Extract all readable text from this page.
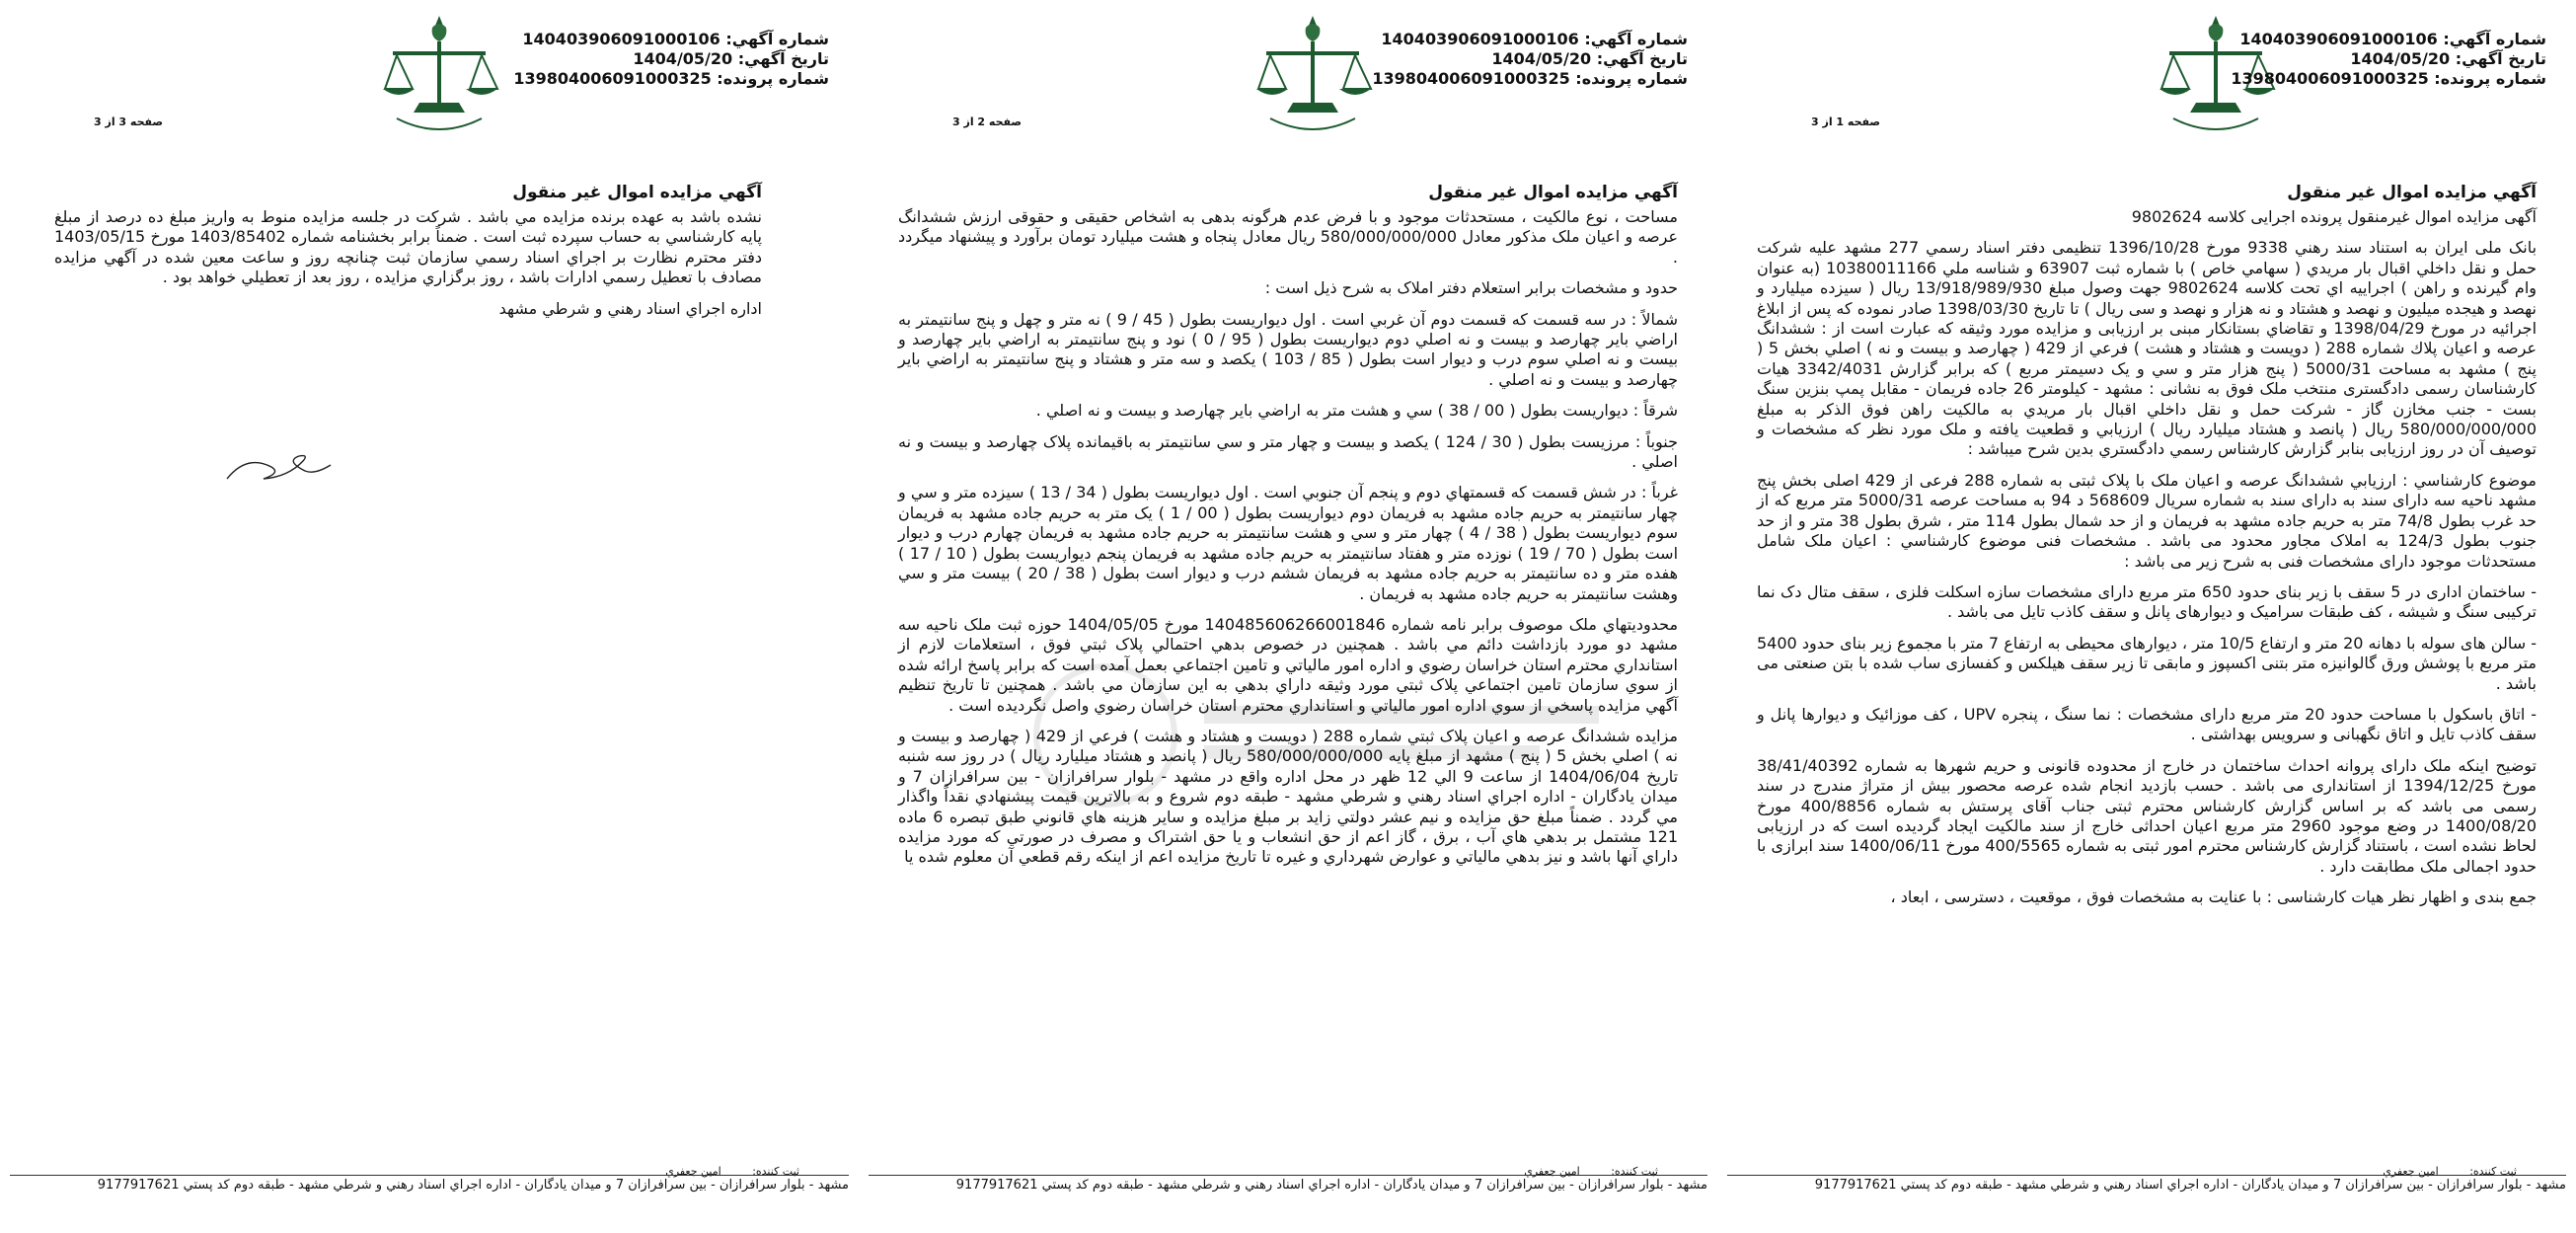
شماره آگهي: 140403906091000106
تاريخ آگهي: 1404/05/20
شماره پرونده: 139804006091000325
صفحه 1 از 3
آگهي مزايده اموال غير منقول

آگهی مزایده اموال غیرمنقول پرونده اجرایی کلاسه 9802624

بانک ملی ایران به استناد سند رهني 9338 مورخ 1396/10/28 تنظیمی دفتر اسناد رسمي 277 مشهد علیه شرکت حمل و نقل داخلي اقبال بار مريدي ( سهامي خاص ) با شماره ثبت 63907 و شناسه ملي 10380011166 (به عنوان وام گیرنده و راهن ) اجرايیه اي تحت کلاسه 9802624 جهت وصول مبلغ 13/918/989/930 ريال ( سيزده ميليارد و نهصد و هيجده ميليون و نهصد و هشتاد و نه هزار و نهصد و سی ريال ) تا تاریخ 1398/03/30 صادر نموده كه پس از ابلاغ اجرائیه در مورخ 1398/04/29 و تقاضاي بستانكار مبنی بر ارزیابی و مزایده مورد وثیقه که عبارت است از : ششدانگ عرصه و اعيان پلاك شماره 288 ( دويست و هشتاد و هشت ) فرعي از 429 ( چهارصد و بيست و نه ) اصلي بخش 5 ( پنج ) مشهد به مساحت 5000/31 ( پنج هزار متر و سي و يک دسيمتر مربع ) که برابر گزارش 3342/4031 هیات کارشناسان رسمی دادگستری منتخب ملک فوق به نشانی : مشهد - كيلومتر 26 جاده فريمان - مقابل پمپ بنزين سنگ بست - جنب مخازن گاز - شركت حمل و نقل داخلي اقبال بار مريدي به مالكيت راهن فوق الذكر به مبلغ 580/000/000/000 ريال ( پانصد و هشتاد ميليارد ريال ) ارزيابي و قطعيت يافته و ملک مورد نظر که مشخصات و توصیف آن در روز ارزیابی بنابر گزارش كارشناس رسمي دادگستري بدين شرح میباشد :

موضوع كارشناسي : ارزيابي ششدانگ عرصه و اعيان ملک با پلاک ثبتی به شماره 288 فرعی از 429 اصلی بخش پنج مشهد ناحيه سه دارای سند به دارای سند به شماره سریال 568609 د 94 به مساحت عرصه 5000/31 متر مربع كه از حد غرب بطول 74/8 متر به حريم جاده مشهد به فريمان و از حد شمال بطول 114 متر ، شرق بطول 38 متر و از حد جنوب بطول 124/3 به املاک مجاور محدود می باشد . مشخصات فنی موضوع كارشناسي : اعیان ملک شامل مستحدثات موجود دارای مشخصات فنی به شرح زير می باشد :

- ساختمان اداری در 5 سقف با زير بنای حدود 650 متر مربع دارای مشخصات سازه اسكلت فلزی ، سقف متال دک نما تركيبی سنگ و شيشه ، كف طبقات سراميک و ديوارهای پانل و سقف كاذب تايل می باشد .

- سالن های سوله با دهانه 20 متر و ارتفاع 10/5 متر ، ديوارهای محيطی به ارتفاع 7 متر با مجموع زير بنای حدود 5400 متر مربع با پوشش ورق گالوانيزه متر بتنی اكسپوز و مابقی تا زير سقف هيلكس و كفسازی ساب شده با بتن صنعتی می باشد .

- اتاق باسكول با مساحت حدود 20 متر مربع دارای مشخصات : نما سنگ ، پنجره UPV ، كف موزائيک و ديوارها پانل و سقف كاذب تايل و اتاق نگهبانی و سرويس بهداشتی .

توضيح اينكه ملک دارای پروانه احداث ساختمان در خارج از محدوده قانونی و حريم شهرها به شماره 38/41/40392 مورخ 1394/12/25 از استانداری می باشد . حسب بازديد انجام شده عرصه محصور بيش از متراژ مندرج در سند رسمی می باشد كه بر اساس گزارش كارشناس محترم ثبتی جناب آقای پرستش به شماره 400/8856 مورخ 1400/08/20 در وضع موجود 2960 متر مربع اعيان احداثی خارج از سند مالكيت ايجاد گرديده است كه در ارزيابی لحاظ نشده است ، باستناد گزارش كارشناس محترم امور ثبتی به شماره 400/5565 مورخ 1400/06/11 سند ابرازی با حدود اجمالی ملک مطابقت دارد .

جمع بندی و اظهار نظر هيات كارشناسی : با عنايت به مشخصات فوق ، موقعيت ، دسترسی ، ابعاد ،

ثبت کننده: امين جعفري
مشهد - بلوار سرافرازان - بين سرافرازان 7 و ميدان يادگاران - اداره اجراي اسناد رهني و شرطي مشهد - طبقه دوم كد پستي 9177917621
شماره آگهي: 140403906091000106
تاريخ آگهي: 1404/05/20
شماره پرونده: 139804006091000325
صفحه 2 از 3
آگهي مزايده اموال غير منقول

مساحت ، نوع مالكيت ، مستحدثات موجود و با فرض عدم هرگونه بدهی به اشخاص حقيقی و حقوقی ارزش ششدانگ عرصه و اعيان ملک مذكور معادل 580/000/000/000 ريال معادل پنجاه و هشت ميليارد تومان برآورد و پيشنهاد ميگردد .

حدود و مشخصات برابر استعلام دفتر املاک به شرح ذيل است :

شمالاً : در سه قسمت كه قسمت دوم آن غربي است . اول ديواريست بطول ( 45 / 9 ) نه متر و چهل و پنج سانتيمتر به اراضي باير چهارصد و بيست و نه اصلي دوم ديواريست بطول ( 95 / 0 ) نود و پنج سانتيمتر به اراضي باير چهارصد و بيست و نه اصلي سوم درب و ديوار است بطول ( 85 / 103 ) يكصد و سه متر و هشتاد و پنج سانتيمتر به اراضي باير چهارصد و بيست و نه اصلي .

شرقاً : ديواريست بطول ( 00 / 38 ) سي و هشت متر به اراضي باير چهارصد و بيست و نه اصلي .

جنوباً : مرزيست بطول ( 30 / 124 ) يكصد و بيست و چهار متر و سي سانتيمتر به باقيمانده پلاک چهارصد و بيست و نه اصلي .

غرباً : در شش قسمت كه قسمتهاي دوم و پنجم آن جنوبي است . اول ديواريست بطول ( 34 / 13 ) سيزده متر و سي و چهار سانتيمتر به حريم جاده مشهد به فريمان دوم ديواريست بطول ( 00 / 1 ) يک متر به حريم جاده مشهد به فريمان سوم ديواريست بطول ( 38 / 4 ) چهار متر و سي و هشت سانتيمتر به حريم جاده مشهد به فريمان چهارم درب و ديوار است بطول ( 70 / 19 ) نوزده متر و هفتاد سانتيمتر به حريم جاده مشهد به فريمان پنجم ديواريست بطول ( 10 / 17 ) هفده متر و ده سانتيمتر به حريم جاده مشهد به فريمان ششم درب و ديوار است بطول ( 38 / 20 ) بيست متر و سي وهشت سانتيمتر به حريم جاده مشهد به فريمان .

محدوديتهاي ملک موصوف برابر نامه شماره 140485606266001846 مورخ 1404/05/05 حوزه ثبت ملک ناحيه سه مشهد دو مورد بازداشت دائم مي باشد . همچنين در خصوص بدهي احتمالي پلاک ثبتي فوق ، استعلامات لازم از استانداري محترم استان خراسان رضوي و اداره امور مالياتي و تامين اجتماعي بعمل آمده است كه برابر پاسخ ارائه شده از سوي سازمان تامين اجتماعي پلاک ثبتي مورد وثيقه داراي بدهي به اين سازمان مي باشد . همچنين تا تاريخ تنظيم آگهي مزايده پاسخي از سوي اداره امور مالياتي و استانداري محترم استان خراسان رضوي واصل نگرديده است .

مزايده ششدانگ عرصه و اعيان پلاک ثبتي شماره 288 ( دويست و هشتاد و هشت ) فرعي از 429 ( چهارصد و بيست و نه ) اصلي بخش 5 ( پنج ) مشهد از مبلغ پايه 580/000/000/000 ريال ( پانصد و هشتاد ميليارد ريال ) در روز سه شنبه تاريخ 1404/06/04 از ساعت 9 الي 12 ظهر در محل اداره واقع در مشهد - بلوار سرافرازان - بين سرافرازان 7 و ميدان يادگاران - اداره اجراي اسناد رهني و شرطي مشهد - طبقه دوم شروع و به بالاترين قيمت پيشنهادي نقداً واگذار مي گردد . ضمناً مبلغ حق مزايده و نيم عشر دولتي زايد بر مبلغ مزايده و ساير هزينه هاي قانوني طبق تبصره 6 ماده 121 مشتمل بر بدهي هاي آب ، برق ، گاز اعم از حق انشعاب و يا حق اشتراک و مصرف در صورتي كه مورد مزايده داراي آنها باشد و نيز بدهي مالياتي و عوارض شهرداري و غيره تا تاريخ مزايده اعم از اينكه رقم قطعي آن معلوم شده يا

ثبت کننده: امين جعفري
مشهد - بلوار سرافرازان - بين سرافرازان 7 و ميدان يادگاران - اداره اجراي اسناد رهني و شرطي مشهد - طبقه دوم كد پستي 9177917621
شماره آگهي: 140403906091000106
تاريخ آگهي: 1404/05/20
شماره پرونده: 139804006091000325
صفحه 3 از 3
آگهي مزايده اموال غير منقول

نشده باشد به عهده برنده مزايده مي باشد . شركت در جلسه مزايده منوط به واريز مبلغ ده درصد از مبلغ پايه كارشناسي به حساب سپرده ثبت است . ضمناً برابر بخشنامه شماره 1403/85402 مورخ 1403/05/15 دفتر محترم نظارت بر اجراي اسناد رسمي سازمان ثبت چنانچه روز و ساعت معين شده در آگهي مزايده مصادف با تعطيل رسمي ادارات باشد ، روز برگزاري مزايده ، روز بعد از تعطيلي خواهد بود .

اداره اجراي اسناد رهني و شرطي مشهد

ثبت کننده: امين جعفري
مشهد - بلوار سرافرازان - بين سرافرازان 7 و ميدان يادگاران - اداره اجراي اسناد رهني و شرطي مشهد - طبقه دوم كد پستي 9177917621
